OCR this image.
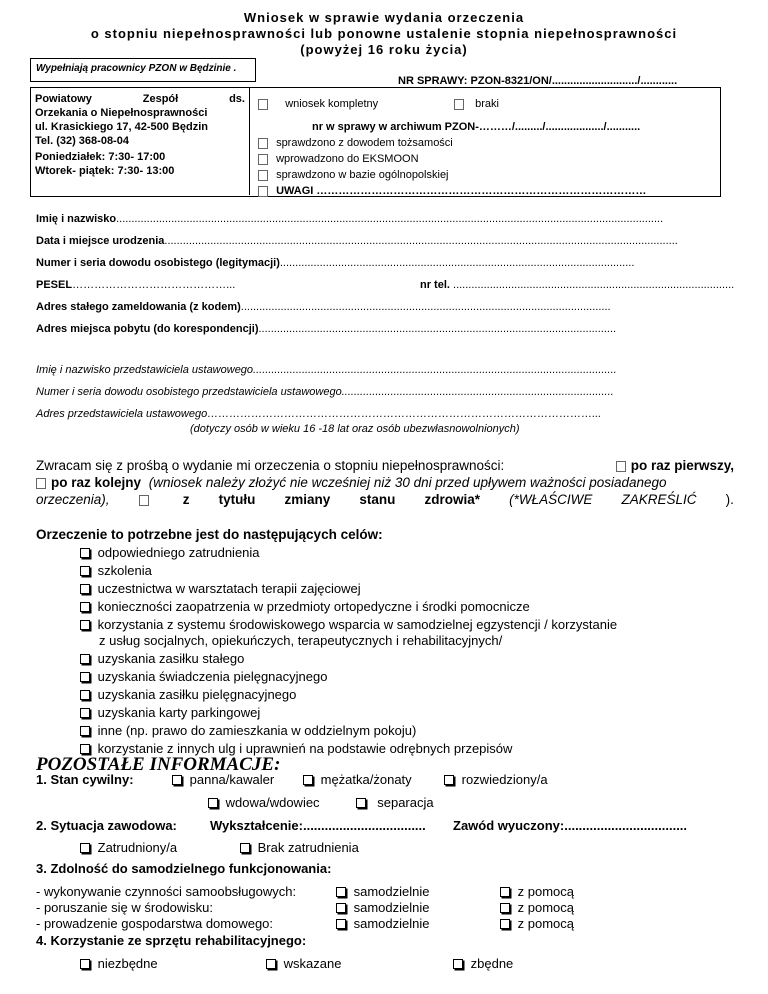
Wniosek w sprawie wydania orzeczenia
o stopniu niepełnosprawności lub ponowne ustalenie stopnia niepełnosprawności
(powyżej 16 roku życia)
Wypełniają pracownicy PZON w Będzinie .
NR SPRAWY: PZON-8321/ON/............................/............
Powiatowy	Zespół	ds.
Orzekania o Niepełnosprawności
ul. Krasickiego 17, 42-500 Będzin
Tel. (32) 368-08-04
Poniedziałek: 7:30- 17:00
Wtorek- piątek: 7:30- 13:00
wniosek kompletny	braki
nr w sprawy w archiwum PZON-………/........./.................../...........
sprawdzono z dowodem tożsamości
wprowadzono do EKSMOON
sprawdzono w bazie ogólnopolskiej
UWAGI ………………………………………………………………………………
Imię i nazwisko...................................................................................................................................................................................
Data i miejsce urodzenia........................................................................................................................................................................
Numer i seria dowodu osobistego (legitymacji)....................................................................................................................
PESEL……………………………………...	nr tel. ............................................................................................
Adres stałego zameldowania (z kodem).........................................................................................................................
Adres miejsca pobytu (do korespondencji).....................................................................................................................
Imię i nazwisko przedstawiciela ustawowego.......................................................................................................................
Numer i seria dowodu osobistego przedstawiciela ustawowego.........................................................................................
Adres przedstawiciela ustawowego……………………………………………………………………………………………...
(dotyczy osób w wieku 16 -18 lat oraz osób ubezwłasnowolnionych)
Zwracam się z prośbą o wydanie mi orzeczenia o stopniu niepełnosprawności:	po raz pierwszy,
po raz kolejny (wniosek należy złożyć nie wcześniej niż 30 dni przed upływem ważności posiadanego
orzeczenia),	z tytułu zmiany stanu zdrowia* (*WŁAŚCIWE ZAKREŚLIĆ ).
Orzeczenie to potrzebne jest do następujących celów:
odpowiedniego zatrudnienia
szkolenia
uczestnictwa w warsztatach terapii zajęciowej
konieczności zaopatrzenia w przedmioty ortopedyczne i środki pomocnicze
korzystania z systemu środowiskowego wsparcia w samodzielnej egzystencji / korzystanie
z usług socjalnych, opiekuńczych, terapeutycznych i rehabilitacyjnych/
uzyskania zasiłku stałego
uzyskania świadczenia pielęgnacyjnego
uzyskania zasiłku pielęgnacyjnego
uzyskania karty parkingowej
inne (np. prawo do zamieszkania w oddzielnym pokoju)
korzystanie z innych ulg i uprawnień na podstawie odrębnych przepisów
POZOSTAŁE INFORMACJE:
1. Stan cywilny:	panna/kawaler	mężatka/żonaty	rozwiedziony/a
wdowa/wdowiec	separacja
2. Sytuacja zawodowa:	Wykształcenie:.................................. Zawód wyuczony:..................................
Zatrudniony/a	Brak zatrudnienia
3. Zdolność do samodzielnego funkcjonowania:
- wykonywanie czynności samoobsługowych:	samodzielnie	z pomocą
- poruszanie się w środowisku:	samodzielnie	z pomocą
- prowadzenie gospodarstwa domowego:	samodzielnie	z pomocą
4. Korzystanie ze sprzętu rehabilitacyjnego:
niezbędne	wskazane	zbędne
